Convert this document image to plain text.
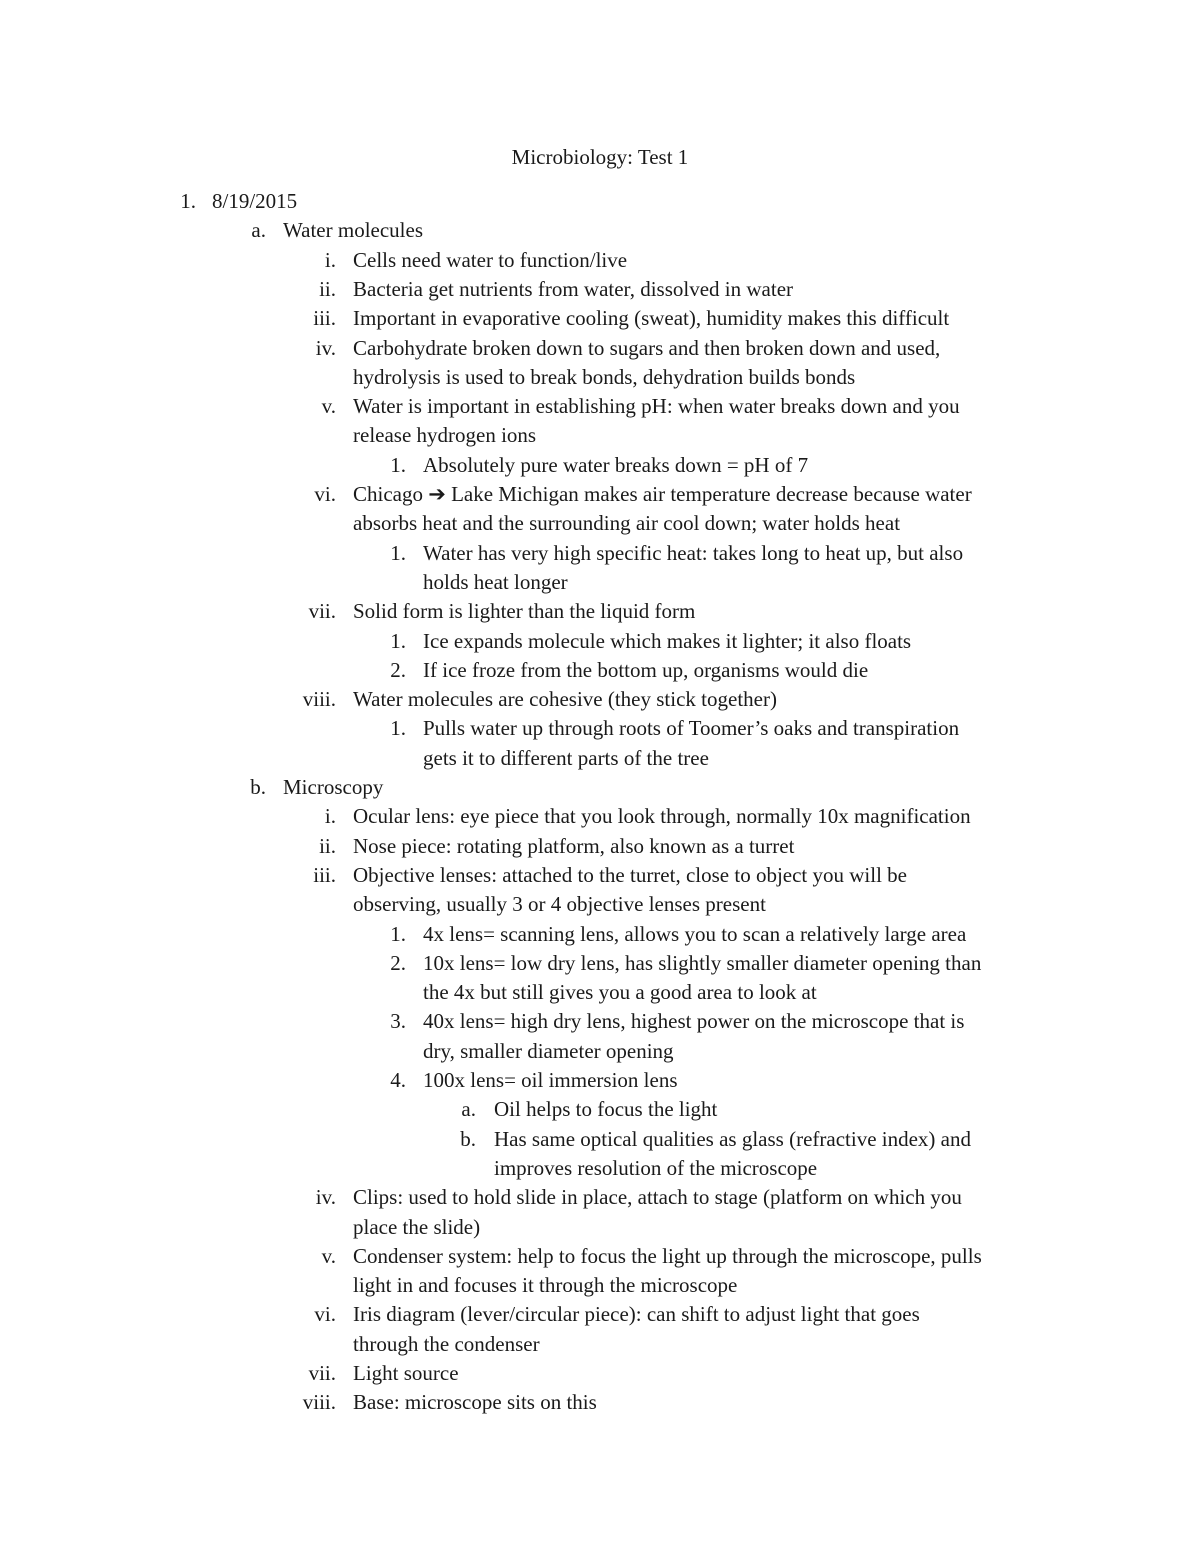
Microbiology: Test 1
1. 8/19/2015
a. Water molecules
i. Cells need water to function/live
ii. Bacteria get nutrients from water, dissolved in water
iii. Important in evaporative cooling (sweat), humidity makes this difficult
iv. Carbohydrate broken down to sugars and then broken down and used,
hydrolysis is used to break bonds, dehydration builds bonds
v. Water is important in establishing pH: when water breaks down and you
release hydrogen ions
1. Absolutely pure water breaks down = pH of 7
vi. Chicago ➔ Lake Michigan makes air temperature decrease because water
absorbs heat and the surrounding air cool down; water holds heat
1. Water has very high specific heat: takes long to heat up, but also
holds heat longer
vii. Solid form is lighter than the liquid form
1. Ice expands molecule which makes it lighter; it also floats
2. If ice froze from the bottom up, organisms would die
viii. Water molecules are cohesive (they stick together)
1. Pulls water up through roots of Toomer’s oaks and transpiration
gets it to different parts of the tree
b. Microscopy
i. Ocular lens: eye piece that you look through, normally 10x magnification
ii. Nose piece: rotating platform, also known as a turret
iii. Objective lenses: attached to the turret, close to object you will be
observing, usually 3 or 4 objective lenses present
1. 4x lens= scanning lens, allows you to scan a relatively large area
2. 10x lens= low dry lens, has slightly smaller diameter opening than
the 4x but still gives you a good area to look at
3. 40x lens= high dry lens, highest power on the microscope that is
dry, smaller diameter opening
4. 100x lens= oil immersion lens
a. Oil helps to focus the light
b. Has same optical qualities as glass (refractive index) and
improves resolution of the microscope
iv. Clips: used to hold slide in place, attach to stage (platform on which you
place the slide)
v. Condenser system: help to focus the light up through the microscope, pulls
light in and focuses it through the microscope
vi. Iris diagram (lever/circular piece): can shift to adjust light that goes
through the condenser
vii. Light source
viii. Base: microscope sits on this
